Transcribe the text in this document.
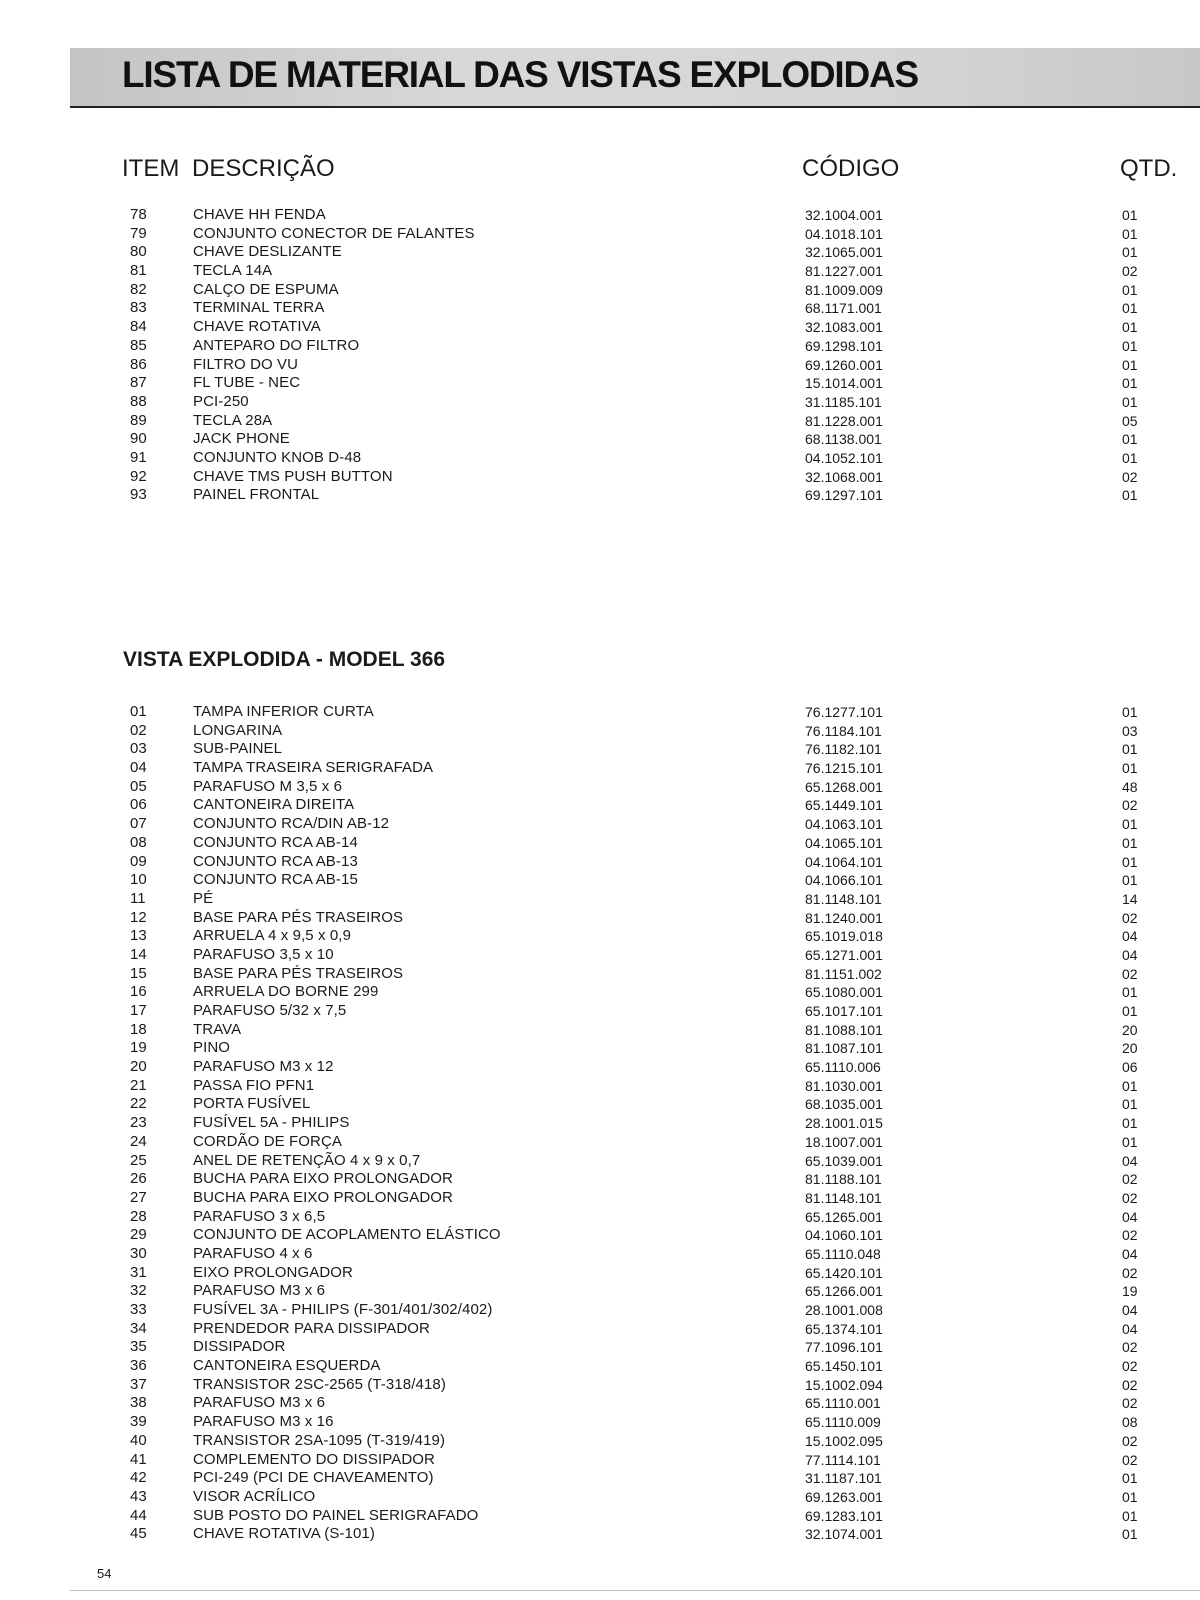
LISTA DE MATERIAL DAS VISTAS EXPLODIDAS
ITEM DESCRIÇÃO	CÓDIGO	QTD.
78	CHAVE HH FENDA	32.1004.001	01
79	CONJUNTO CONECTOR DE FALANTES	04.1018.101	01
80	CHAVE DESLIZANTE	32.1065.001	01
81	TECLA 14A	81.1227.001	02
82	CALÇO DE ESPUMA	81.1009.009	01
83	TERMINAL TERRA	68.1171.001	01
84	CHAVE ROTATIVA	32.1083.001	01
85	ANTEPARO DO FILTRO	69.1298.101	01
86	FILTRO DO VU	69.1260.001	01
87	FL TUBE - NEC	15.1014.001	01
88	PCI-250	31.1185.101	01
89	TECLA 28A	81.1228.001	05
90	JACK PHONE	68.1138.001	01
91	CONJUNTO KNOB D-48	04.1052.101	01
92	CHAVE TMS PUSH BUTTON	32.1068.001	02
93	PAINEL FRONTAL	69.1297.101	01
VISTA EXPLODIDA - MODEL 366
01	TAMPA INFERIOR CURTA	76.1277.101	01
02	LONGARINA	76.1184.101	03
03	SUB-PAINEL	76.1182.101	01
04	TAMPA TRASEIRA SERIGRAFADA	76.1215.101	01
05	PARAFUSO M 3,5 x 6	65.1268.001	48
06	CANTONEIRA DIREITA	65.1449.101	02
07	CONJUNTO RCA/DIN AB-12	04.1063.101	01
08	CONJUNTO RCA AB-14	04.1065.101	01
09	CONJUNTO RCA AB-13	04.1064.101	01
10	CONJUNTO RCA AB-15	04.1066.101	01
11	PÉ	81.1148.101	14
12	BASE PARA PÉS TRASEIROS	81.1240.001	02
13	ARRUELA 4 x 9,5 x 0,9	65.1019.018	04
14	PARAFUSO 3,5 x 10	65.1271.001	04
15	BASE PARA PÉS TRASEIROS	81.1151.002	02
16	ARRUELA DO BORNE 299	65.1080.001	01
17	PARAFUSO 5/32 x 7,5	65.1017.101	01
18	TRAVA	81.1088.101	20
19	PINO	81.1087.101	20
20	PARAFUSO M3 x 12	65.1110.006	06
21	PASSA FIO PFN1	81.1030.001	01
22	PORTA FUSÍVEL	68.1035.001	01
23	FUSÍVEL 5A - PHILIPS	28.1001.015	01
24	CORDÃO DE FORÇA	18.1007.001	01
25	ANEL DE RETENÇÃO 4 x 9 x 0,7	65.1039.001	04
26	BUCHA PARA EIXO PROLONGADOR	81.1188.101	02
27	BUCHA PARA EIXO PROLONGADOR	81.1148.101	02
28	PARAFUSO 3 x 6,5	65.1265.001	04
29	CONJUNTO DE ACOPLAMENTO ELÁSTICO	04.1060.101	02
30	PARAFUSO 4 x 6	65.1110.048	04
31	EIXO PROLONGADOR	65.1420.101	02
32	PARAFUSO M3 x 6	65.1266.001	19
33	FUSÍVEL 3A - PHILIPS (F-301/401/302/402)	28.1001.008	04
34	PRENDEDOR PARA DISSIPADOR	65.1374.101	04
35	DISSIPADOR	77.1096.101	02
36	CANTONEIRA ESQUERDA	65.1450.101	02
37	TRANSISTOR 2SC-2565 (T-318/418)	15.1002.094	02
38	PARAFUSO M3 x 6	65.1110.001	02
39	PARAFUSO M3 x 16	65.1110.009	08
40	TRANSISTOR 2SA-1095 (T-319/419)	15.1002.095	02
41	COMPLEMENTO DO DISSIPADOR	77.1114.101	02
42	PCI-249 (PCI DE CHAVEAMENTO)	31.1187.101	01
43	VISOR ACRÍLICO	69.1263.001	01
44	SUB POSTO DO PAINEL SERIGRAFADO	69.1283.101	01
45	CHAVE ROTATIVA (S-101)	32.1074.001	01
54
